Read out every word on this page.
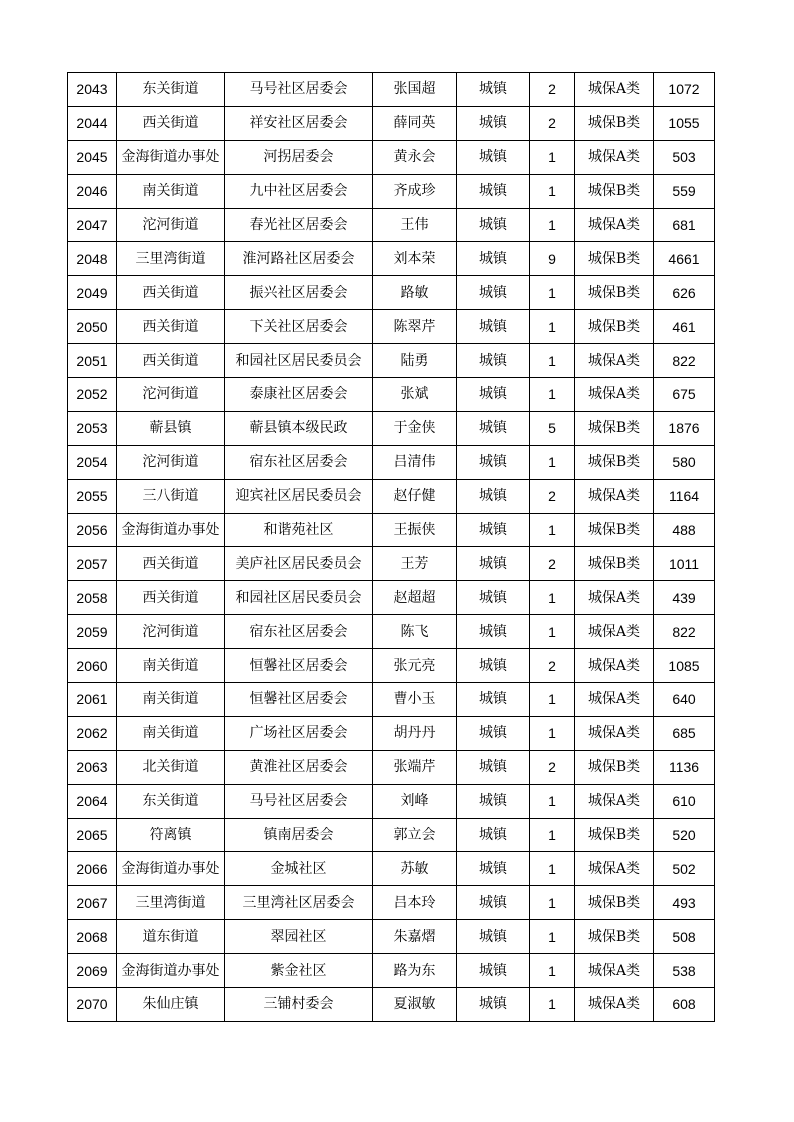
2043	东关街道	马号社区居委会	张国超	城镇	2	城保A类	1072
2044	西关街道	祥安社区居委会	薛同英	城镇	2	城保B类	1055
2045	金海街道办事处	河拐居委会	黄永会	城镇	1	城保A类	503
2046	南关街道	九中社区居委会	齐成珍	城镇	1	城保B类	559
2047	沱河街道	春光社区居委会	王伟	城镇	1	城保A类	681
2048	三里湾街道	淮河路社区居委会	刘本荣	城镇	9	城保B类	4661
2049	西关街道	振兴社区居委会	路敏	城镇	1	城保B类	626
2050	西关街道	下关社区居委会	陈翠芹	城镇	1	城保B类	461
2051	西关街道	和园社区居民委员会	陆勇	城镇	1	城保A类	822
2052	沱河街道	泰康社区居委会	张斌	城镇	1	城保A类	675
2053	蕲县镇	蕲县镇本级民政	于金侠	城镇	5	城保B类	1876
2054	沱河街道	宿东社区居委会	吕清伟	城镇	1	城保B类	580
2055	三八街道	迎宾社区居民委员会	赵仔健	城镇	2	城保A类	1164
2056	金海街道办事处	和谐苑社区	王振侠	城镇	1	城保B类	488
2057	西关街道	美庐社区居民委员会	王芳	城镇	2	城保B类	1011
2058	西关街道	和园社区居民委员会	赵超超	城镇	1	城保A类	439
2059	沱河街道	宿东社区居委会	陈飞	城镇	1	城保A类	822
2060	南关街道	恒馨社区居委会	张元亮	城镇	2	城保A类	1085
2061	南关街道	恒馨社区居委会	曹小玉	城镇	1	城保A类	640
2062	南关街道	广场社区居委会	胡丹丹	城镇	1	城保A类	685
2063	北关街道	黄淮社区居委会	张端芹	城镇	2	城保B类	1136
2064	东关街道	马号社区居委会	刘峰	城镇	1	城保A类	610
2065	符离镇	镇南居委会	郭立会	城镇	1	城保B类	520
2066	金海街道办事处	金城社区	苏敏	城镇	1	城保A类	502
2067	三里湾街道	三里湾社区居委会	吕本玲	城镇	1	城保B类	493
2068	道东街道	翠园社区	朱嘉熠	城镇	1	城保B类	508
2069	金海街道办事处	紫金社区	路为东	城镇	1	城保A类	538
2070	朱仙庄镇	三铺村委会	夏淑敏	城镇	1	城保A类	608
